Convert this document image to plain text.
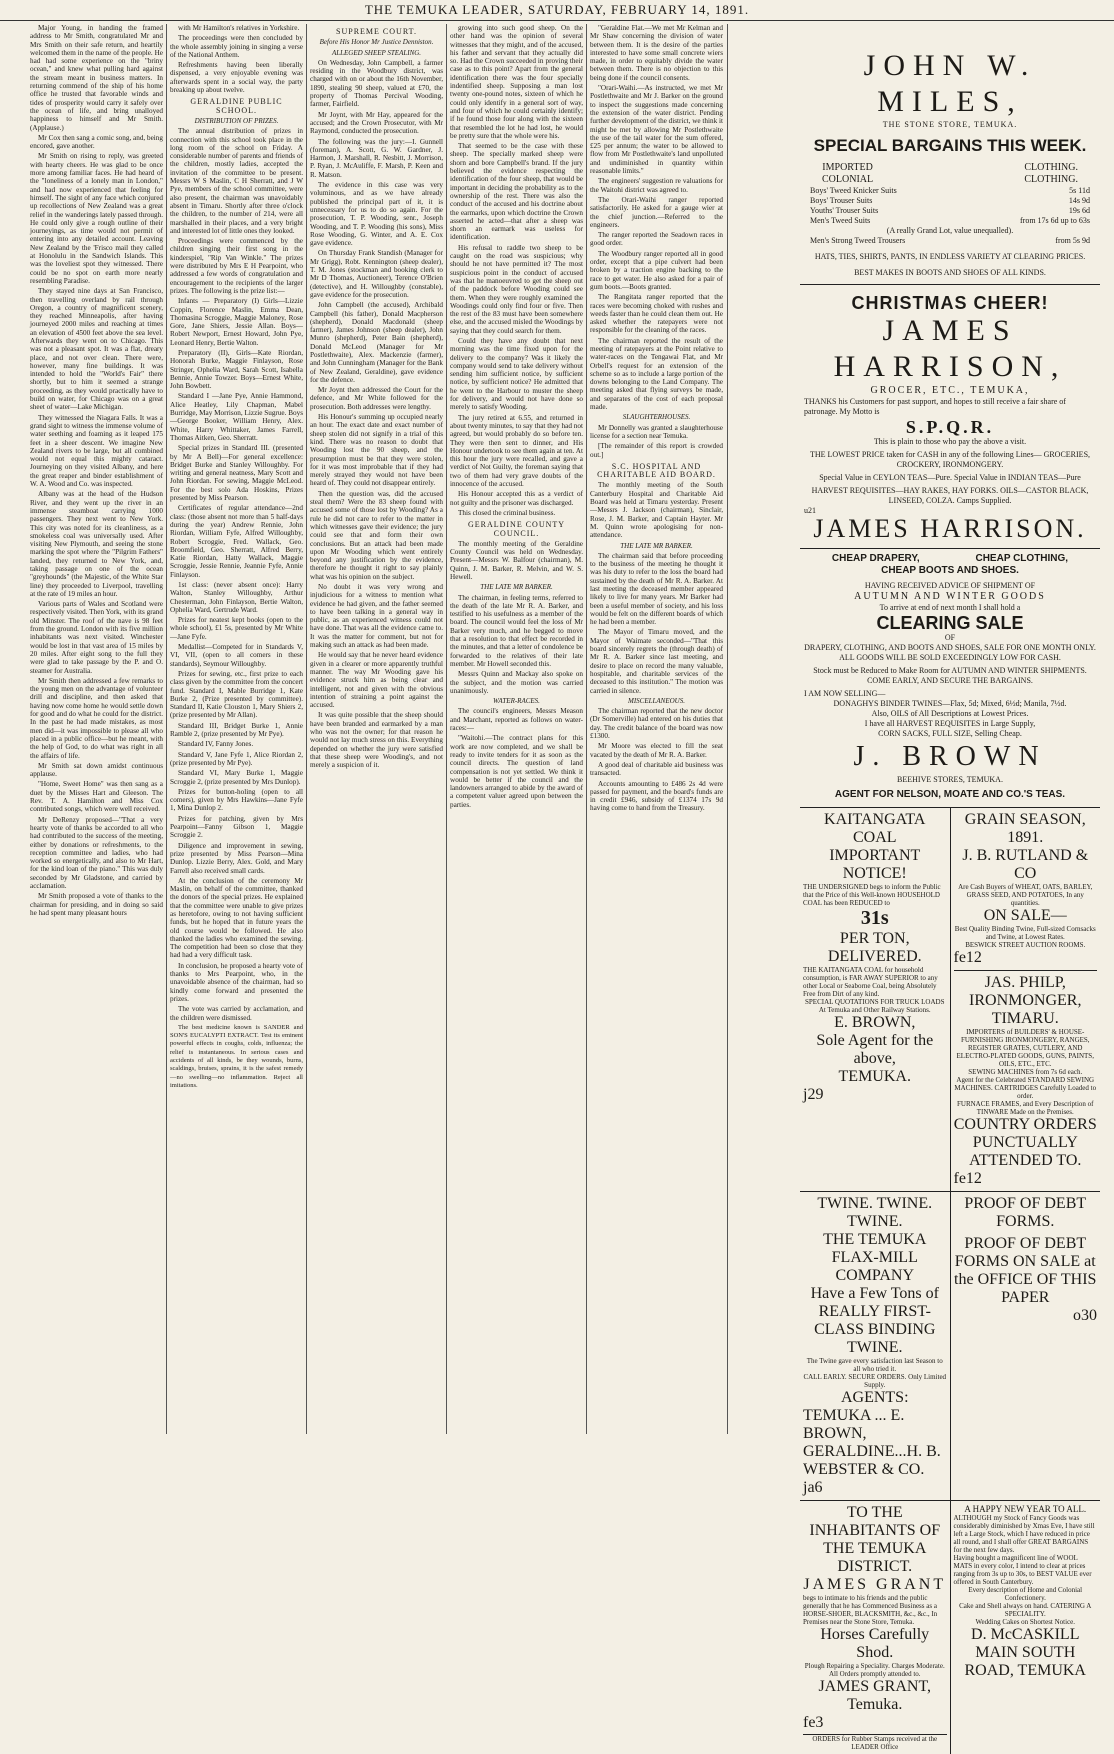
THE TEMUKA LEADER, SATURDAY, FEBRUARY 14, 1891.

Major Young, in handing the framed address to Mr Smith, congratulated Mr and Mrs Smith on their safe return, and heartily welcomed them in the name of the people. He had had some experience on the "briny ocean," and knew what pulling hard against the stream meant in business matters. In returning commend of the ship of his home office he trusted that favorable winds and tides of prosperity would carry it safely over the ocean of life, and bring unalloyed happiness to himself and Mr Smith. (Applause.)

Mr Cox then sang a comic song, and, being encored, gave another.

Mr Smith on rising to reply, was greeted with hearty cheers. He was glad to be once more among familiar faces. He had heard of the "loneliness of a lonely man in London," and had now experienced that feeling for himself. The sight of any face which conjured up recollections of New Zealand was a great relief in the wanderings lately passed through. He could only give a rough outline of their journeyings, as time would not permit of entering into any detailed account. Leaving New Zealand by the 'Frisco mail they called at Honolulu in the Sandwich Islands. This was the loveliest spot they witnessed. There could be no spot on earth more nearly resembling Paradise.

They stayed nine days at San Francisco, then travelling overland by rail through Oregon, a country of magnificent scenery, they reached Minneapolis, after having journeyed 2000 miles and reaching at times an elevation of 4500 feet above the sea level. Afterwards they went on to Chicago. This was not a pleasant spot. It was a flat, dreary place, and not over clean. There were, however, many fine buildings. It was intended to hold the "World's Fair" there shortly, but to him it seemed a strange proceeding, as they would practically have to build on water, for Chicago was on a great sheet of water—Lake Michigan.

They witnessed the Niagara Falls. It was a grand sight to witness the immense volume of water seething and foaming as it leaped 175 feet in a sheer descent. We imagine New Zealand rivers to be large, but all combined would not equal this mighty cataract. Journeying on they visited Albany, and here the great reaper and binder establishment of W. A. Wood and Co. was inspected.

Albany was at the head of the Hudson River, and they went up the river in an immense steamboat carrying 1000 passengers. They next went to New York. This city was noted for its cleanliness, as a smokeless coal was universally used. After visiting New Plymouth, and seeing the stone marking the spot where the "Pilgrim Fathers" landed, they returned to New York, and, taking passage on one of the ocean "greyhounds" (the Majestic, of the White Star line) they proceeded to Liverpool, travelling at the rate of 19 miles an hour.

Various parts of Wales and Scotland were respectively visited. Then York, with its grand old Minster. The roof of the nave is 98 feet from the ground. London with its five million inhabitants was next visited. Winchester would be lost in that vast area of 15 miles by 20 miles. After eight song to the full they were glad to take passage by the P. and O. steamer for Australia.

Mr Smith then addressed a few remarks to the young men on the advantage of volunteer drill and discipline, and then asked that having now come home he would settle down for good and do what he could for the district. In the past he had made mistakes, as most men did—it was impossible to please all who placed in a public office—but he meant, with the help of God, to do what was right in all the affairs of life.

Mr Smith sat down amidst continuous applause.

"Home, Sweet Home" was then sang as a duet by the Misses Hart and Gleeson. The Rev. T. A. Hamilton and Miss Cox contributed songs, which were well received.

Mr DeRenzy proposed—"That a very hearty vote of thanks be accorded to all who had contributed to the success of the meeting, either by donations or refreshments, to the reception committee and ladies, who had worked so energetically, and also to Mr Hart, for the kind loan of the piano." This was duly seconded by Mr Gladstone, and carried by acclamation.

Mr Smith proposed a vote of thanks to the chairman for presiding, and in doing so said he had spent many pleasant hours

with Mr Hamilton's relatives in Yorkshire.

The proceedings were then concluded by the whole assembly joining in singing a verse of the National Anthem.

Refreshments having been liberally dispensed, a very enjoyable evening was afterwards spent in a social way, the party breaking up about twelve.

GERALDINE PUBLIC SCHOOL.
DISTRIBUTION OF PRIZES.

The annual distribution of prizes in connection with this school took place in the long room of the school on Friday. A considerable number of parents and friends of the children, mostly ladies, accepted the invitation of the committee to be present. Messrs W S Maslin, C H Sherratt, and J W Pye, members of the school committee, were also present, the chairman was unavoidably absent in Timaru. Shortly after three o'clock the children, to the number of 214, were all marshalled in their places, and a very bright and interested lot of little ones they looked.

Proceedings were commenced by the children singing their first song in the kinderspiel, "Rip Van Winkle." The prizes were distributed by Mrs E H Pearpoint, who addressed a few words of congratulation and encouragement to the recipients of the larger prizes. The following is the prize list:—

Infants — Preparatory (I) Girls—Lizzie Coppin, Florence Maslin, Emma Dean, Thomasina Scroggie, Maggie Maloney, Rose Gore, Jane Shiers, Jessie Allan. Boys—Robert Newport, Ernest Howard, John Pye, Leonard Henry, Bertie Walton.

Preparatory (II), Girls—Kate Riordan, Honorah Burke, Maggie Finlayson, Rose Stringer, Ophelia Ward, Sarah Scott, Isabella Bennie, Annie Towzer. Boys—Ernest White, John Bowbett.

Standard I —Jane Pye, Annie Hammond, Alice Heatley, Lily Chapman, Mabel Burridge, May Morrison, Lizzie Sugrue. Boys—George Booker, William Henry, Alex. White, Harry Whittaker, James Farrell, Thomas Aitken, Geo. Sherratt.

Special prizes in Standard III. (presented by Mr A Bell)—For general excellence: Bridget Burke and Stanley Willoughby. For writing and general neatness, Mary Scott and John Riordan. For sewing, Maggie McLeod. For the best solo Ada Hoskins, Prizes presented by Miss Pearson.

Certificates of regular attendance—2nd class: (those absent not more than 5 half-days during the year) Andrew Rennie, John Riordan, William Fyfe, Alfred Willoughby, Robert Scroggie, Fred. Wallack, Geo. Broomfield, Geo. Sherratt, Alfred Berry, Katie Riordan, Hatty Wallack, Maggie Scroggie, Jessie Rennie, Jeannie Fyfe, Annie Finlayson.

1st class: (never absent once): Harry Walton, Stanley Willoughby, Arthur Chesterman, John Finlayson, Bertie Walton, Ophelia Ward, Gertrude Ward.

Prizes for neatest kept books (open to the whole school), £1 5s, presented by Mr White—Jane Fyfe.

Medallist—Competed for in Standards V, VI, VII, (open to all comers in these standards), Seymour Willoughby.

Prizes for sewing, etc., first prize to each class given by the committee from the concert fund. Standard I, Mable Burridge 1, Kate Burke 2, (Prize presented by committee). Standard II, Katie Clouston 1, Mary Shiers 2, (prize presented by Mr Allan).

Standard III, Bridget Burke 1, Annie Ramble 2, (prize presented by Mr Pye).

Standard IV, Fanny Jones.

Standard V, Jane Fyfe 1, Alice Riordan 2, (prize presented by Mr Pye).

Standard VI, Mary Burke 1, Maggie Scroggie 2, (prize presented by Mrs Dunlop).

Prizes for button-holing (open to all comers), given by Mrs Hawkins—Jane Fyfe 1, Mina Dunlop 2.

Prizes for patching, given by Mrs Pearpoint—Fanny Gibson 1, Maggie Scroggie 2.

Diligence and improvement in sewing, prize presented by Miss Pearson—Mina Dunlop. Lizzie Berry, Alex. Gold, and Mary Farrell also received small cards.

At the conclusion of the ceremony Mr Maslin, on behalf of the committee, thanked the donors of the special prizes. He explained that the committee were unable to give prizes as heretofore, owing to not having sufficient funds, but he hoped that in future years the old course would be followed. He also thanked the ladies who examined the sewing. The competition had been so close that they had had a very difficult task.

In conclusion, he proposed a hearty vote of thanks to Mrs Pearpoint, who, in the unavoidable absence of the chairman, had so kindly come forward and presented the prizes.

The vote was carried by acclamation, and the children were dismissed.

The best medicine known is SANDER and SON'S EUCALYPTI EXTRACT. Test its eminent powerful effects in coughs, colds, influenza; the relief is instantaneous. In serious cases and accidents of all kinds, be they wounds, burns, scaldings, bruises, sprains, it is the safest remedy—no swelling—no inflammation. Reject all imitations.

SUPREME COURT.
Before His Honor Mr Justice Denniston.
ALLEGED SHEEP STEALING.

On Wednesday, John Campbell, a farmer residing in the Woodbury district, was charged with on or about the 16th November, 1890, stealing 90 sheep, valued at £70, the property of Thomas Percival Wooding, farmer, Fairfield.

Mr Joynt, with Mr Hay, appeared for the accused; and the Crown Prosecutor, with Mr Raymond, conducted the prosecution.

The following was the jury:—I. Gunnell (foreman), A. Scott, G. W. Gardner, J. Harmon, J. Marshall, R. Nesbitt, J. Morrison, P. Ryan, J. McAuliffe, F. Marsh, P. Keen and R. Matson.

The evidence in this case was very voluminous, and as we have already published the principal part of it, it is unnecessary for us to do so again. For the prosecution, T. P. Wooding, senr., Joseph Wooding, and T. P. Wooding (his sons), Miss Rose Wooding, G. Winter, and A. E. Cox gave evidence.

On Thursday Frank Standish (Manager for Mr Grigg), Robt. Kennington (sheep dealer), T. M. Jones (stockman and booking clerk to Mr D Thomas, Auctioneer), Terence O'Brien (detective), and H. Willoughby (constable), gave evidence for the prosecution.

John Campbell (the accused), Archibald Campbell (his father), Donald Macpherson (shepherd), Donald Macdonald (sheep farmer), James Johnson (sheep dealer), John Munro (shepherd), Peter Bain (shepherd), Donald McLeod (Manager for Mr Postlethwaite), Alex. Mackenzie (farmer), and John Cunningham (Manager for the Bank of New Zealand, Geraldine), gave evidence for the defence.

Mr Joynt then addressed the Court for the defence, and Mr White followed for the prosecution. Both addresses were lengthy.

His Honour's summing up occupied nearly an hour. The exact date and exact number of sheep stolen did not signify in a trial of this kind. There was no reason to doubt that Wooding lost the 90 sheep, and the presumption must be that they were stolen, for it was most improbable that if they had merely strayed they would not have been heard of. They could not disappear entirely.

Then the question was, did the accused steal them? Were the 83 sheep found with accused some of those lost by Wooding? As a rule he did not care to refer to the matter in which witnesses gave their evidence; the jury could see that and form their own conclusions. But an attack had been made upon Mr Wooding which went entirely beyond any justification by the evidence, therefore he thought it right to say plainly what was his opinion on the subject.

No doubt it was very wrong and injudicious for a witness to mention what evidence he had given, and the father seemed to have been talking in a general way in public, as an experienced witness could not have done. That was all the evidence came to. It was the matter for comment, but not for making such an attack as had been made.

He would say that he never heard evidence given in a clearer or more apparently truthful manner. The way Mr Wooding gave his evidence struck him as being clear and intelligent, not and given with the obvious intention of straining a point against the accused.

It was quite possible that the sheep should have been branded and earmarked by a man who was not the owner; for that reason he would not lay much stress on this. Everything depended on whether the jury were satisfied that these sheep were Wooding's, and not merely a suspicion of it.

growing into such good sheep. On the other hand was the opinion of several witnesses that they might, and of the accused, his father and servant that they actually did so. Had the Crown succeeded in proving their case as to this point? Apart from the general identification there was the four specially indentified sheep. Supposing a man lost twenty one-pound notes, sixteen of which he could only identify in a general sort of way, and four of which he could certainly identify; if he found those four along with the sixteen that resembled the lot he had lost, he would be pretty sure that the whole were his.

That seemed to be the case with these sheep. The specially marked sheep were shorn and bore Campbell's brand. If the jury believed the evidence respecting the identification of the four sheep, that would be important in deciding the probability as to the ownership of the rest. There was also the conduct of the accused and his doctrine about the earmarks, upon which doctrine the Crown asserted he acted—that after a sheep was shorn an earmark was useless for identification.

His refusal to raddle two sheep to be caught on the road was suspicious; why should he not have permitted it? The most suspicious point in the conduct of accused was that he manoeuvred to get the sheep out of the paddock before Wooding could see them. When they were roughly examined the Woodings could only find four or five. Then the rest of the 83 must have been somewhere else, and the accused misled the Woodings by saying that they could search for them.

Could they have any doubt that next morning was the time fixed upon for the delivery to the company? Was it likely the company would send to take delivery without sending him sufficient notice, by sufficient notice, by sufficient notice? He admitted that he went to the Harbour to muster the sheep for delivery, and would not have done so merely to satisfy Wooding.

The jury retired at 6.55, and returned in about twenty minutes, to say that they had not agreed, but would probably do so before ten. They were then sent to dinner, and His Honour undertook to see them again at ten. At this hour the jury were recalled, and gave a verdict of Not Guilty, the foreman saying that two of them had very grave doubts of the innocence of the accused.

His Honour accepted this as a verdict of not guilty and the prisoner was discharged.

This closed the criminal business.

GERALDINE COUNTY COUNCIL.

The monthly meeting of the Geraldine County Council was held on Wednesday. Present—Messrs W. Balfour (chairman), M. Quinn, J. M. Barker, R. Melvin, and W. S. Hewell.

THE LATE MR BARKER.

The chairman, in feeling terms, referred to the death of the late Mr R. A. Barker, and testified to his usefulness as a member of the board. The council would feel the loss of Mr Barker very much, and he begged to move that a resolution to that effect be recorded in the minutes, and that a letter of condolence be forwarded to the relatives of their late member. Mr Howell seconded this.

Messrs Quinn and Mackay also spoke on the subject, and the motion was carried unanimously.

WATER-RACES.

The council's engineers, Messrs Meason and Marchant, reported as follows on water-races:—

"Waitohi.—The contract plans for this work are now completed, and we shall be ready to invite tenders for it as soon as the council directs. The question of land compensation is not yet settled. We think it would be better if the council and the landowners arranged to abide by the award of a competent valuer agreed upon between the parties.

"Geraldine Flat.—We met Mr Kelman and Mr Shaw concerning the division of water between them. It is the desire of the parties interested to have some small concrete wiers made, in order to equitably divide the water between them. There is no objection to this being done if the council consents.

"Orari-Waihi.—As instructed, we met Mr Postlethwaite and Mr J. Barker on the ground to inspect the suggestions made concerning the extension of the water district. Pending further development of the district, we think it might be met by allowing Mr Postlethwaite the use of the tail water for the sum offered, £25 per annum; the water to be allowed to flow from Mr Postlethwaite's land unpolluted and undiminished in quantity within reasonable limits."

The engineers' suggestion re valuations for the Waitohi district was agreed to.

The Orari-Waihi ranger reported satisfactorily. He asked for a gauge wier at the chief junction.—Referred to the engineers.

The ranger reported the Seadown races in good order.

The Woodbury ranger reported all in good order, except that a pipe culvert had been broken by a traction engine backing to the race to get water. He also asked for a pair of gum boots.—Boots granted.

The Rangitata ranger reported that the races were becoming choked with rushes and weeds faster than he could clean them out. He asked whether the ratepayers were not responsible for the cleaning of the races.

The chairman reported the result of the meeting of ratepayers at the Point relative to water-races on the Tengawai Flat, and Mr Orbell's request for an extension of the scheme so as to include a large portion of the downs belonging to the Land Company. The meeting asked that flying surveys be made, and separates of the cost of each proposal made.

SLAUGHTERHOUSES.

Mr Donnelly was granted a slaughterhouse license for a section near Temuka.

[The remainder of this report is crowded out.]

S.C. HOSPITAL AND CHARITABLE AID BOARD.

The monthly meeting of the South Canterbury Hospital and Charitable Aid Board was held at Timaru yesterday. Present—Messrs J. Jackson (chairman), Sinclair, Rose, J. M. Barker, and Captain Hayter. Mr M. Quinn wrote apologising for non-attendance.

THE LATE MR BARKER.

The chairman said that before proceeding to the business of the meeting he thought it was his duty to refer to the loss the board had sustained by the death of Mr R. A. Barker. At last meeting the deceased member appeared likely to live for many years. Mr Barker had been a useful member of society, and his loss would be felt on the different boards of which he had been a member.

The Mayor of Timaru moved, and the Mayor of Waimate seconded—"That this board sincerely regrets the (through death) of Mr R. A. Barker since last meeting, and desire to place on record the many valuable, hospitable, and charitable services of the deceased to this institution." The motion was carried in silence.

MISCELLANEOUS.

The chairman reported that the new doctor (Dr Somerville) had entered on his duties that day. The credit balance of the board was now £1300.

Mr Moore was elected to fill the seat vacated by the death of Mr R. A. Barker.

A good deal of charitable aid business was transacted.

Accounts amounting to £486 2s 4d were passed for payment, and the board's funds are in credit £946, subsidy of £1374 17s 9d having come to hand from the Treasury.

JOHN W. MILES,
THE STONE STORE, TEMUKA.
SPECIAL BARGAINS THIS WEEK.
IMPORTED
COLONIAL
CLOTHING.
CLOTHING.
Boys' Tweed Knicker Suits	5s 11d
Boys' Trouser Suits	14s 9d
Youths' Trouser Suits	19s 6d
Men's Tweed Suits	from 17s 6d up to 63s
(A really Grand Lot, value unequalled).
Men's Strong Tweed Trousers	from 5s 9d
HATS, TIES, SHIRTS, PANTS, IN ENDLESS VARIETY AT CLEARING PRICES.
BEST MAKES IN BOOTS AND SHOES OF ALL KINDS.
CHRISTMAS CHEER!
JAMES HARRISON,
GROCER, ETC., TEMUKA,
THANKS his Customers for past support, and hopes to still receive a fair share of patronage. My Motto is
S.P.Q.R.
This is plain to those who pay the above a visit.
THE LOWEST PRICE taken for CASH in any of the following Lines— GROCERIES, CROCKERY, IRONMONGERY.
Special Value in CEYLON TEAS—Pure. Special Value in INDIAN TEAS—Pure
HARVEST REQUISITES—HAY RAKES, HAY FORKS. OILS—CASTOR BLACK, LINSEED, COLZA. Camps Supplied.
u21
JAMES HARRISON.
CHEAP DRAPERY,	CHEAP CLOTHING,
CHEAP BOOTS AND SHOES.
HAVING RECEIVED ADVICE OF SHIPMENT OF
AUTUMN AND WINTER GOODS
To arrive at end of next month I shall hold a
CLEARING SALE
OF
DRAPERY, CLOTHING, AND BOOTS AND SHOES, SALE FOR ONE MONTH ONLY.
ALL GOODS WILL BE SOLD EXCEEDINGLY LOW FOR CASH.
Stock must be Reduced to Make Room for AUTUMN AND WINTER SHIPMENTS.
COME EARLY, AND SECURE THE BARGAINS.
I AM NOW SELLING—
DONAGHYS BINDER TWINES—Flax, 5d; Mixed, 6½d; Manila, 7½d.
Also, OILS of All Descriptions at Lowest Prices.
I have all HARVEST REQUISITES in Large Supply,
CORN SACKS, FULL SIZE, Selling Cheap.
J. BROWN
BEEHIVE STORES, TEMUKA.
AGENT FOR NELSON, MOATE AND CO.'S TEAS.
KAITANGATA COAL
IMPORTANT NOTICE!
THE UNDERSIGNED begs to inform the Public that the Price of this Well-known HOUSEHOLD COAL has been REDUCED to
31s
PER TON, DELIVERED.
THE KAITANGATA COAL for household consumption, is FAR AWAY SUPERIOR to any other Local or Seaborne Coal, being Absolutely Free from Dirt of any kind.
SPECIAL QUOTATIONS FOR TRUCK LOADS At Temuka and Other Railway Stations.
E. BROWN,
Sole Agent for the above,
TEMUKA.
j29
GRAIN SEASON, 1891.
J. B. RUTLAND & CO
Are Cash Buyers of WHEAT, OATS, BARLEY, GRASS SEED, AND POTATOES, In any quantities.
ON SALE—
Best Quality Binding Twine, Full-sized Cornsacks and Twine, at Lowest Rates.
BESWICK STREET AUCTION ROOMS.
fe12
JAS. PHILP,
IRONMONGER, TIMARU.
IMPORTERS of BUILDERS' & HOUSE-FURNISHING IRONMONGERY, RANGES, REGISTER GRATES, CUTLERY, AND ELECTRO-PLATED GOODS, GUNS, PAINTS, OILS, ETC., ETC.
SEWING MACHINES from 7s 6d each.
Agent for the Celebrated STANDARD SEWING MACHINES. CARTRIDGES Carefully Loaded to order.
FURNACE FRAMES, and Every Description of TINWARE Made on the Premises.
COUNTRY ORDERS PUNCTUALLY
ATTENDED TO.
fe12
TWINE. TWINE. TWINE.
THE TEMUKA FLAX-MILL COMPANY
Have a Few Tons of
REALLY FIRST-CLASS BINDING TWINE.
The Twine gave every satisfaction last Season to all who tried it.
CALL EARLY. SECURE ORDERS. Only Limited Supply.
AGENTS:
TEMUKA ... E. BROWN,
GERALDINE...H. B. WEBSTER & CO.
ja6
PROOF OF DEBT FORMS.
PROOF OF DEBT FORMS ON SALE at the OFFICE OF THIS PAPER
o30
TO THE INHABITANTS OF THE TEMUKA DISTRICT.
JAMES GRANT
begs to intimate to his friends and the public generally that he has Commenced Business as a HORSE-SHOER, BLACKSMITH, &c., &c., In Premises near the Stone Store, Temuka.
Horses Carefully Shod.
Plough Repairing a Speciality. Charges Moderate.
All Orders promptly attended to.
JAMES GRANT,
Temuka.
fe3
ORDERS for Rubber Stamps received at the LEADER Office
A HAPPY NEW YEAR TO ALL.
ALTHOUGH my Stock of Fancy Goods was considerably diminished by Xmas Eve, I have still left a Large Stock, which I have reduced in price all round, and I shall offer GREAT BARGAINS for the next few days.
Having bought a magnificent line of WOOL MATS in every color, I intend to clear at prices ranging from 3s up to 30s, to BEST VALUE ever offered in South Canterbury.
Every description of Home and Colonial Confectionery.
Cake and Shell always on hand. CATERING A SPECIALITY.
Wedding Cakes on Shortest Notice.
D. McCASKILL
MAIN SOUTH ROAD, TEMUKA
